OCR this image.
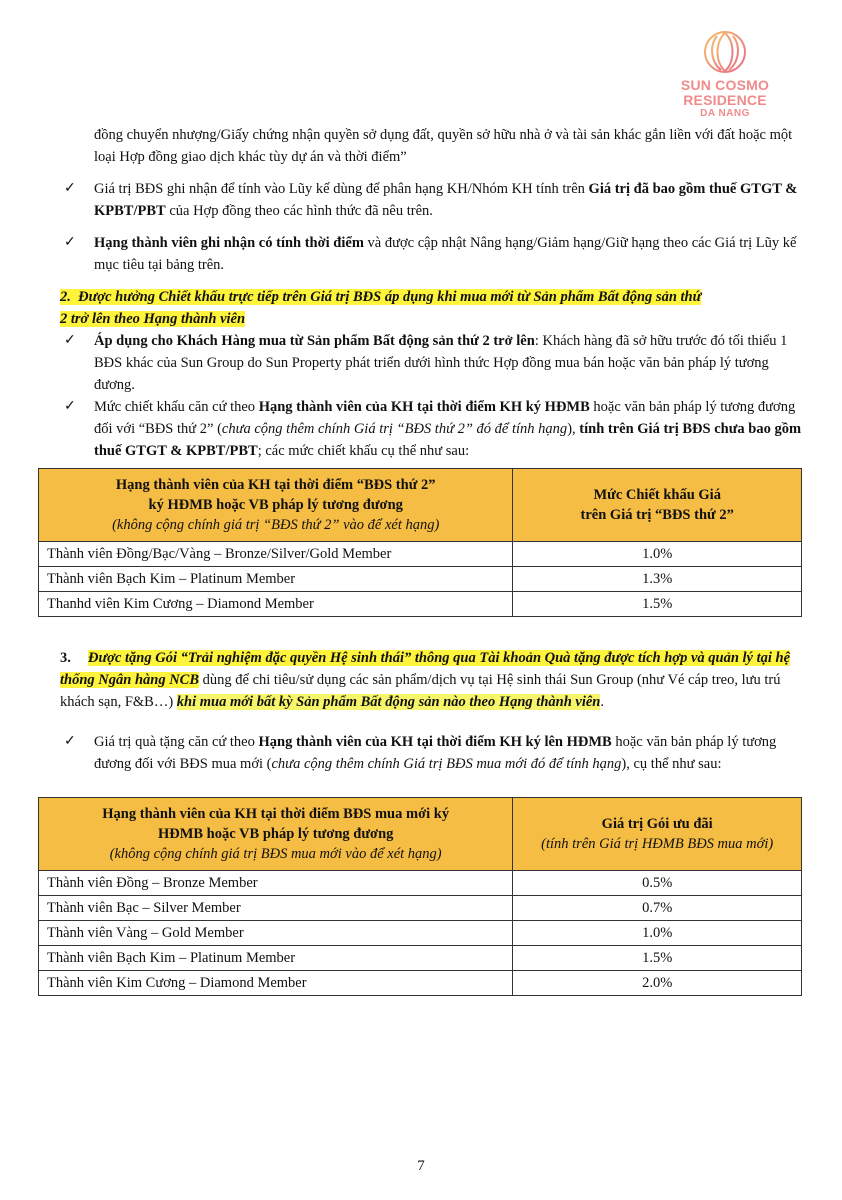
SUN COSMO RESIDENCE
DA NANG

đồng chuyển nhượng/Giấy chứng nhận quyền sở dụng đất, quyền sở hữu nhà ở và tài sản khác gắn liền với đất hoặc một loại Hợp đồng giao dịch khác tùy dự án và thời điểm”

✓ Giá trị BĐS ghi nhận để tính vào Lũy kế dùng để phân hạng KH/Nhóm KH tính trên Giá trị đã bao gồm thuế GTGT & KPBT/PBT của Hợp đồng theo các hình thức đã nêu trên.
✓ Hạng thành viên ghi nhận có tính thời điểm và được cập nhật Nâng hạng/Giảm hạng/Giữ hạng theo các Giá trị Lũy kế mục tiêu tại bảng trên.

2. Được hưởng Chiết khấu trực tiếp trên Giá trị BĐS áp dụng khi mua mới từ Sản phẩm Bất động sản thứ
2 trở lên theo Hạng thành viên

✓ Áp dụng cho Khách Hàng mua từ Sản phẩm Bất động sản thứ 2 trở lên: Khách hàng đã sở hữu trước đó tối thiểu 1 BĐS khác của Sun Group do Sun Property phát triển dưới hình thức Hợp đồng mua bán hoặc văn bản pháp lý tương đương.
✓ Mức chiết khấu căn cứ theo Hạng thành viên của KH tại thời điểm KH ký HĐMB hoặc văn bản pháp lý tương đương đối với “BĐS thứ 2” (chưa cộng thêm chính Giá trị “BĐS thứ 2” đó để tính hạng), tính trên Giá trị BĐS chưa bao gồm thuế GTGT & KPBT/PBT; các mức chiết khấu cụ thể như sau:
Hạng thành viên của KH tại thời điểm “BĐS thứ 2”
ký HĐMB hoặc VB pháp lý tương đương
(không cộng chính giá trị “BĐS thứ 2” vào để xét hạng)	Mức Chiết khấu Giá
trên Giá trị “BĐS thứ 2”
Thành viên Đồng/Bạc/Vàng – Bronze/Silver/Gold Member	1.0%
Thành viên Bạch Kim – Platinum Member	1.3%
Thanhd viên Kim Cương – Diamond Member	1.5%

3. Được tặng Gói “Trải nghiệm đặc quyền Hệ sinh thái” thông qua Tài khoản Quà tặng được tích hợp và quản lý tại hệ thống Ngân hàng NCB dùng để chi tiêu/sử dụng các sản phẩm/dịch vụ tại Hệ sinh thái Sun Group (như Vé cáp treo, lưu trú khách sạn, F&B…) khi mua mới bất kỳ Sản phẩm Bất động sản nào theo Hạng thành viên.

✓ Giá trị quà tặng căn cứ theo Hạng thành viên của KH tại thời điểm KH ký lên HĐMB hoặc văn bản pháp lý tương đương đối với BĐS mua mới (chưa cộng thêm chính Giá trị BĐS mua mới đó để tính hạng), cụ thể như sau:
Hạng thành viên của KH tại thời điểm BĐS mua mới ký
HĐMB hoặc VB pháp lý tương đương
(không cộng chính giá trị BĐS mua mới vào để xét hạng)	Giá trị Gói ưu đãi
(tính trên Giá trị HĐMB BĐS mua mới)
Thành viên Đồng – Bronze Member	0.5%
Thành viên Bạc – Silver Member	0.7%
Thành viên Vàng – Gold Member	1.0%
Thành viên Bạch Kim – Platinum Member	1.5%
Thành viên Kim Cương – Diamond Member	2.0%
7
